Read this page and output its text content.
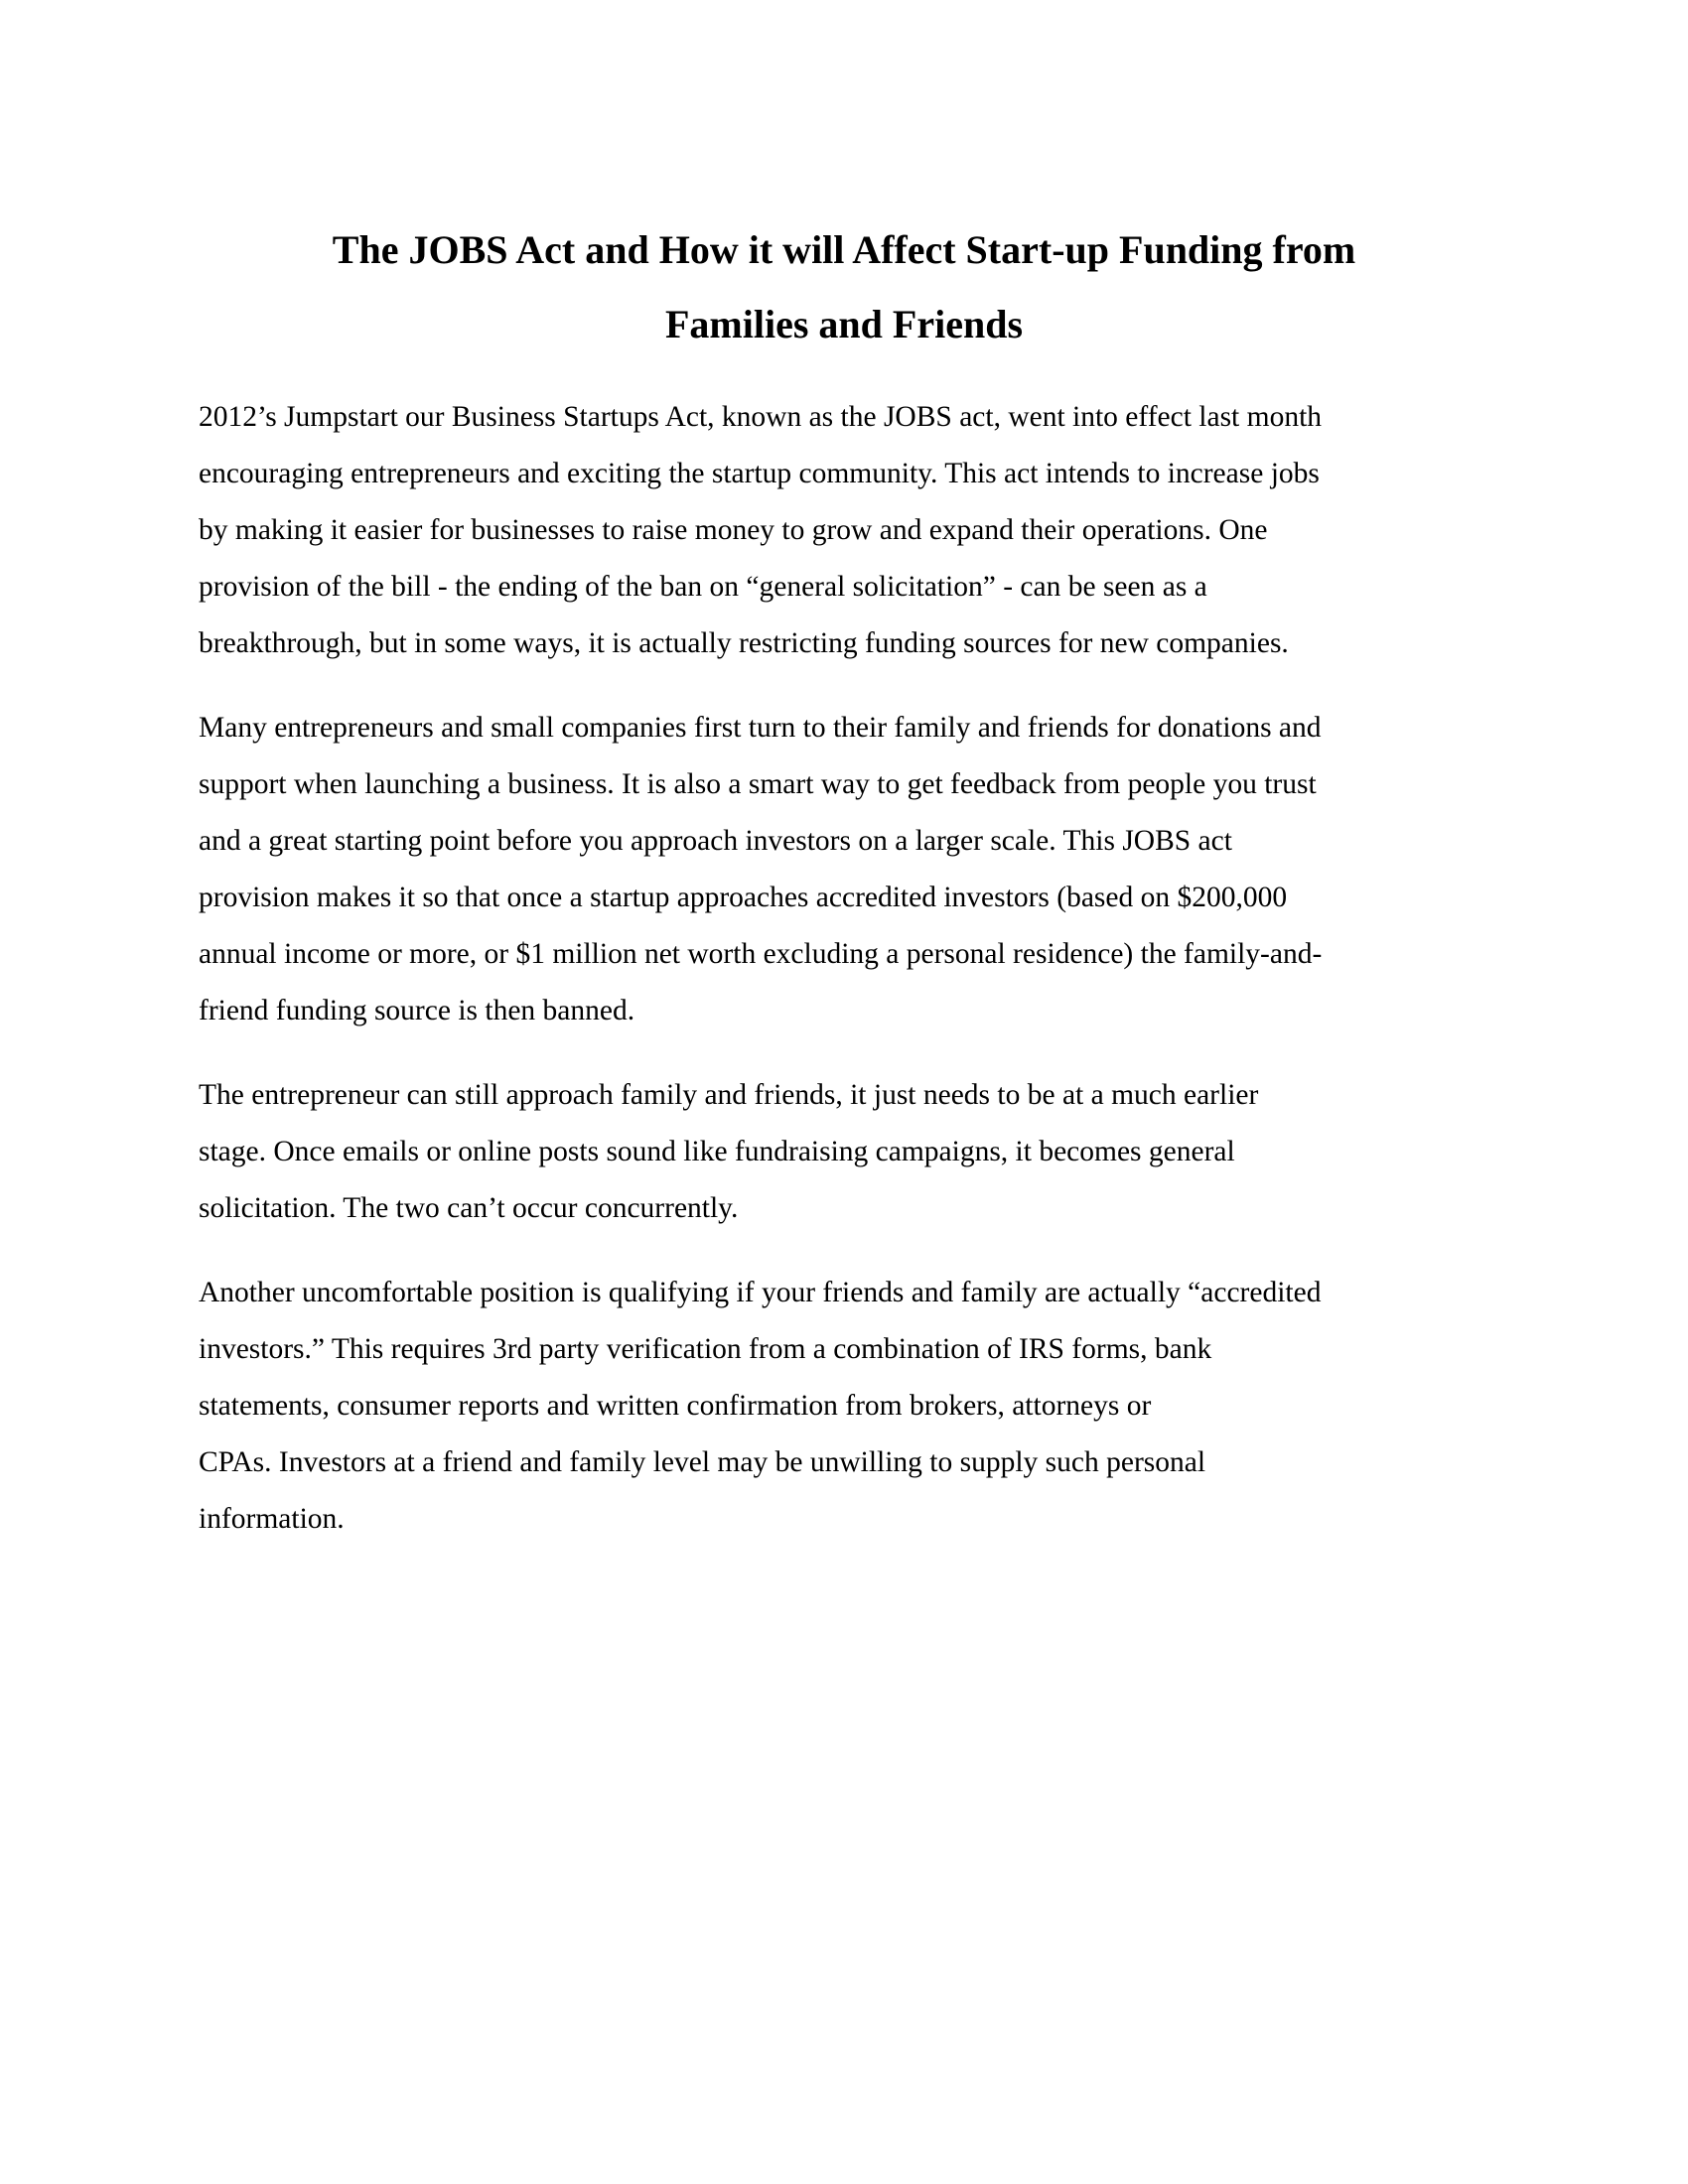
The JOBS Act and How it will Affect Start-up Funding from
Families and Friends

2012’s Jumpstart our Business Startups Act, known as the JOBS act, went into effect last month
encouraging entrepreneurs and exciting the startup community. This act intends to increase jobs
by making it easier for businesses to raise money to grow and expand their operations. One
provision of the bill - the ending of the ban on “general solicitation” - can be seen as a
breakthrough, but in some ways, it is actually restricting funding sources for new companies.

Many entrepreneurs and small companies first turn to their family and friends for donations and
support when launching a business. It is also a smart way to get feedback from people you trust
and a great starting point before you approach investors on a larger scale. This JOBS act
provision makes it so that once a startup approaches accredited investors (based on $200,000
annual income or more, or $1 million net worth excluding a personal residence) the family-and-
friend funding source is then banned.

The entrepreneur can still approach family and friends, it just needs to be at a much earlier
stage. Once emails or online posts sound like fundraising campaigns, it becomes general
solicitation. The two can’t occur concurrently.

Another uncomfortable position is qualifying if your friends and family are actually “accredited
investors.” This requires 3rd party verification from a combination of IRS forms, bank
statements, consumer reports and written confirmation from brokers, attorneys or
CPAs. Investors at a friend and family level may be unwilling to supply such personal
information.
